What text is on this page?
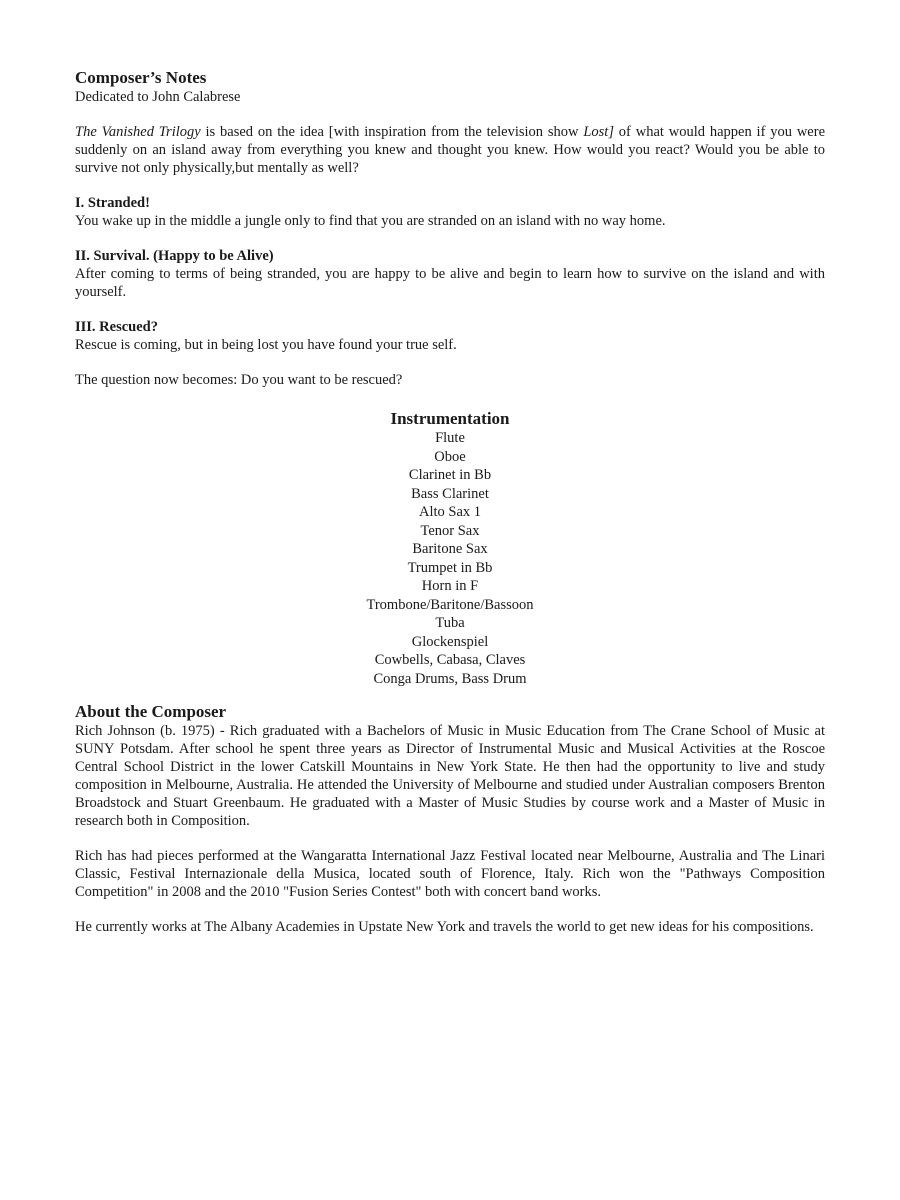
Composer’s Notes

Dedicated to John Calabrese

The Vanished Trilogy is based on the idea [with inspiration from the television show Lost] of what would happen if you were suddenly on an island away from everything you knew and thought you knew. How would you react? Would you be able to survive not only physically,but mentally as well?

I. Stranded!

You wake up in the middle a jungle only to find that you are stranded on an island with no way home.

II. Survival. (Happy to be Alive)

After coming to terms of being stranded, you are happy to be alive and begin to learn how to survive on the island and with yourself.

III. Rescued?

Rescue is coming, but in being lost you have found your true self.

The question now becomes: Do you want to be rescued?

Instrumentation
Flute
Oboe
Clarinet in Bb
Bass Clarinet
Alto Sax 1
Tenor Sax
Baritone Sax
Trumpet in Bb
Horn in F
Trombone/Baritone/Bassoon
Tuba
Glockenspiel
Cowbells, Cabasa, Claves
Conga Drums, Bass Drum
About the Composer

Rich Johnson (b. 1975) - Rich graduated with a Bachelors of Music in Music Education from The Crane School of Music at SUNY Potsdam. After school he spent three years as Director of Instrumental Music and Musical Activities at the Roscoe Central School District in the lower Catskill Mountains in New York State. He then had the opportunity to live and study composition in Melbourne, Australia. He attended the University of Melbourne and studied under Australian composers Brenton Broadstock and Stuart Greenbaum. He graduated with a Master of Music Studies by course work and a Master of Music in research both in Composition.

Rich has had pieces performed at the Wangaratta International Jazz Festival located near Melbourne, Australia and The Linari Classic, Festival Internazionale della Musica, located south of Florence, Italy. Rich won the "Pathways Composition Competition" in 2008 and the 2010 "Fusion Series Contest" both with concert band works.

He currently works at The Albany Academies in Upstate New York and travels the world to get new ideas for his compositions.
